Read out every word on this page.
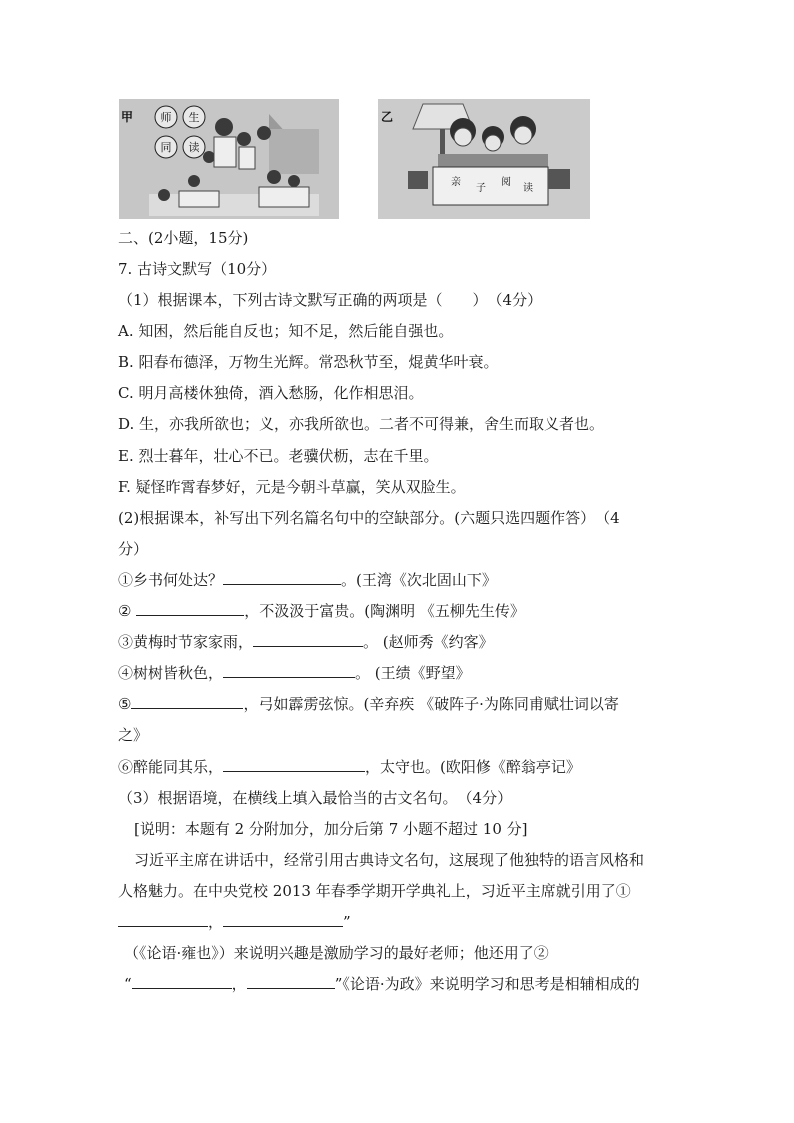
师 生
同 读
甲
亲
子
阅
读
乙
二、(2小题，15分)
7. 古诗文默写（10分）
（1）根据课本，下列古诗文默写正确的两项是（　　）　（4分）
A. 知困，然后能自反也；知不足，然后能自强也。
B. 阳春布德泽，万物生光辉。常恐秋节至，焜黄华叶衰。
C. 明月高楼休独倚，酒入愁肠，化作相思泪。
D. 生，亦我所欲也；义，亦我所欲也。二者不可得兼，舍生而取义者也。
E. 烈士暮年，壮心不已。老骥伏枥，志在千里。
F. 疑怪昨霄春梦好，元是今朝斗草赢，笑从双脸生。
(2)根据课本，补写出下列名篇名句中的空缺部分。(六题只选四题作答）　（4
分）
①乡书何处达？	。(王湾《次北固山下》
②	，不汲汲于富贵。(陶渊明 《五柳先生传》
③黄梅时节家家雨，	。 (赵师秀《约客》
④树树皆秋色，	。 (王绩《野望》
⑤	，弓如霹雳弦惊。(辛弃疾 《破阵子·为陈同甫赋壮词以寄
之》
⑥醉能同其乐，	，太守也。(欧阳修《醉翁亭记》
（3）根据语境，在横线上填入最恰当的古文名句。　（4分）
[说明：本题有 2 分附加分，加分后第 7 小题不超过 10 分]
习近平主席在讲话中，经常引用古典诗文名句，这展现了他独特的语言风格和
人格魅力。在中央党校 2013 年春季学期开学典礼上，习近平主席就引用了①
，	”
（《论语·雍也》）来说明兴趣是激励学习的最好老师；他还用了②
“	，	”《论语·为政》来说明学习和思考是相辅相成的
